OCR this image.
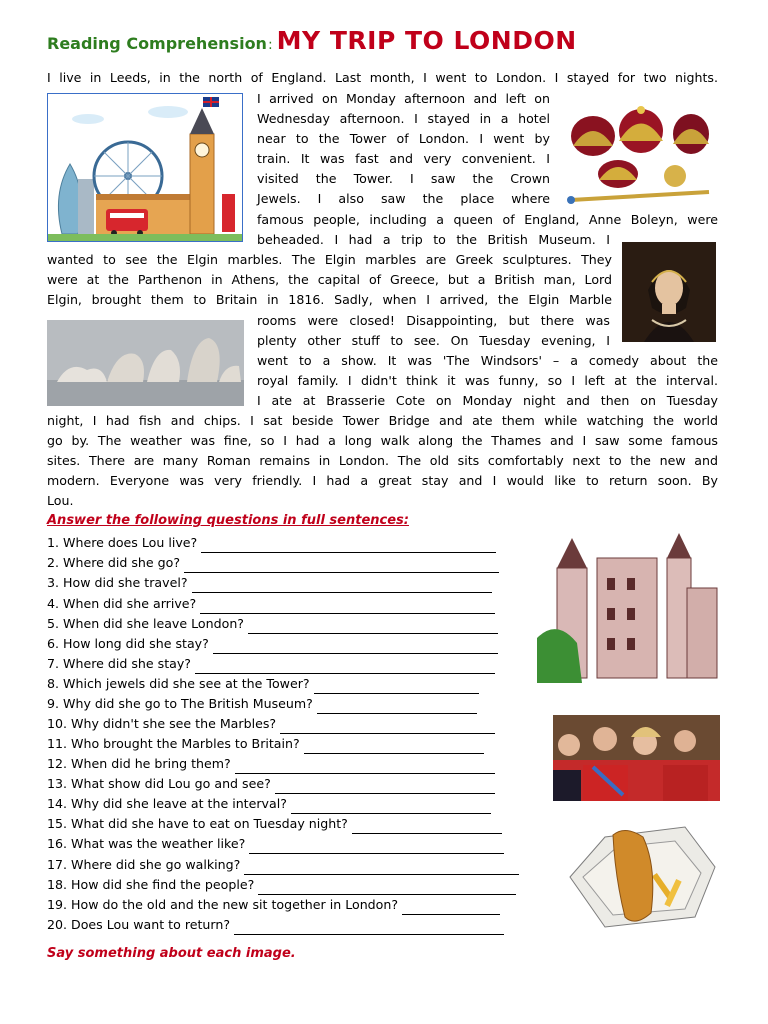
Reading Comprehension: MY TRIP TO LONDON
I live in Leeds, in the north of England. Last month, I went to London. I stayed for two nights.
I arrived on Monday afternoon and left on
Wednesday afternoon. I stayed in a hotel
near to the Tower of London. I went by
train. It was fast and very convenient. I
visited the Tower. I saw the Crown
Jewels. I also saw the place where
famous people, including a queen of England, Anne Boleyn, were
beheaded. I had a trip to the British Museum. I
wanted to see the Elgin marbles. The Elgin marbles are Greek sculptures. They
were at the Parthenon in Athens, the capital of Greece, but a British man, Lord
Elgin, brought them to Britain in 1816. Sadly, when I arrived, the Elgin Marble
rooms were closed! Disappointing, but there was
plenty other stuff to see. On Tuesday evening, I
went to a show. It was 'The Windsors' – a comedy about the
royal family. I didn't think it was funny, so I left at the interval.
I ate at Brasserie Cote on Monday night and then on Tuesday
night, I had fish and chips. I sat beside Tower Bridge and ate them while watching the world
go by. The weather was fine, so I had a long walk along the Thames and I saw some famous
sites. There are many Roman remains in London. The old sits comfortably next to the new and
modern. Everyone was very friendly. I had a great stay and I would like to return soon. By
Lou.
Answer the following questions in full sentences:
1. Where does Lou live?
2. Where did she go?
3. How did she travel?
4. When did she arrive?
5. When did she leave London?
6. How long did she stay?
7. Where did she stay?
8. Which jewels did she see at the Tower?
9. Why did she go to The British Museum?
10. Why didn't she see the Marbles?
11. Who brought the Marbles to Britain?
12. When did he bring them?
13. What show did Lou go and see?
14. Why did she leave at the interval?
15. What did she have to eat on Tuesday night?
16. What was the weather like?
17. Where did she go walking?
18. How did she find the people?
19. How do the old and the new sit together in London?
20. Does Lou want to return?
Say something about each image.
